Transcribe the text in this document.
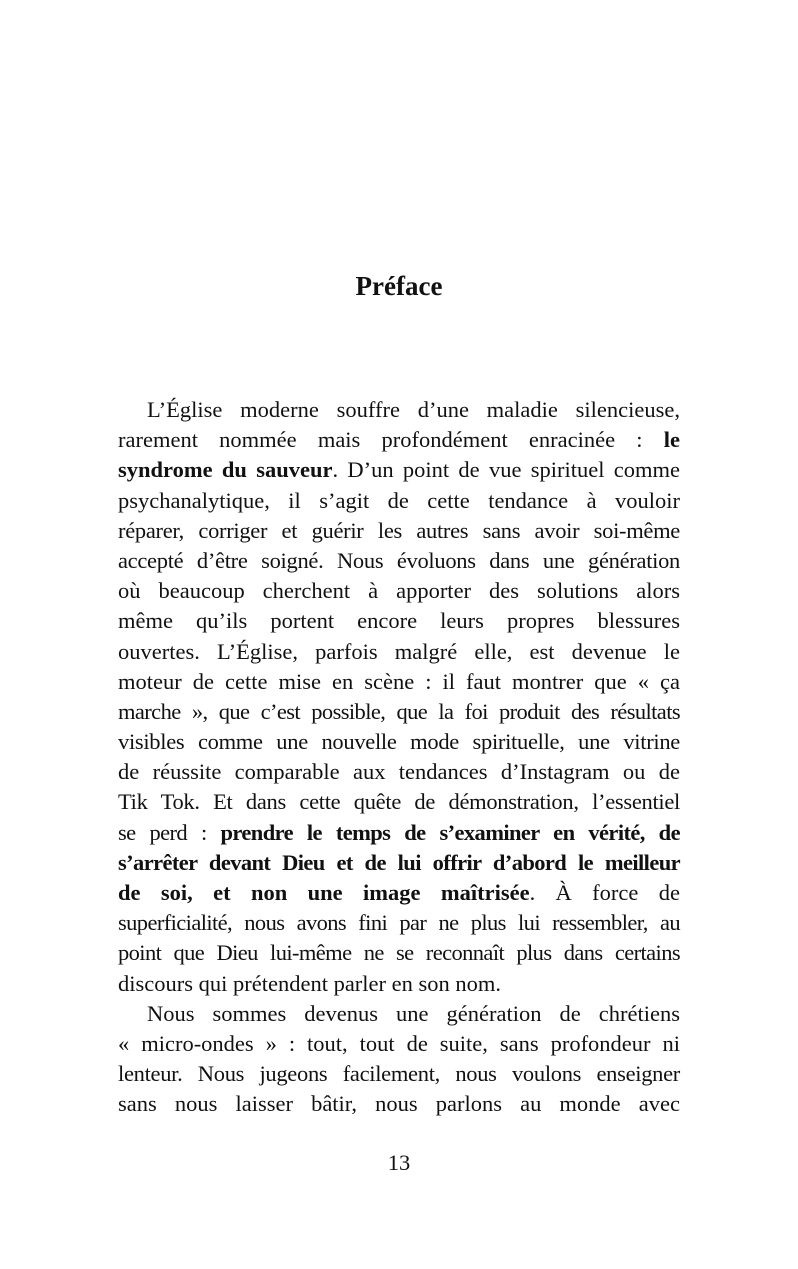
Préface
L’Église moderne souffre d’une maladie silencieuse,
rarement nommée mais profondément enracinée : le
syndrome du sauveur. D’un point de vue spirituel comme
psychanalytique, il s’agit de cette tendance à vouloir
réparer, corriger et guérir les autres sans avoir soi-même
accepté d’être soigné. Nous évoluons dans une génération
où beaucoup cherchent à apporter des solutions alors
même qu’ils portent encore leurs propres blessures
ouvertes. L’Église, parfois malgré elle, est devenue le
moteur de cette mise en scène : il faut montrer que « ça
marche », que c’est possible, que la foi produit des résultats
visibles comme une nouvelle mode spirituelle, une vitrine
de réussite comparable aux tendances d’Instagram ou de
Tik Tok. Et dans cette quête de démonstration, l’essentiel
se perd : prendre le temps de s’examiner en vérité, de
s’arrêter devant Dieu et de lui offrir d’abord le meilleur
de soi, et non une image maîtrisée. À force de
superficialité, nous avons fini par ne plus lui ressembler, au
point que Dieu lui-même ne se reconnaît plus dans certains
discours qui prétendent parler en son nom.
Nous sommes devenus une génération de chrétiens
« micro-ondes » : tout, tout de suite, sans profondeur ni
lenteur. Nous jugeons facilement, nous voulons enseigner
sans nous laisser bâtir, nous parlons au monde avec
13
